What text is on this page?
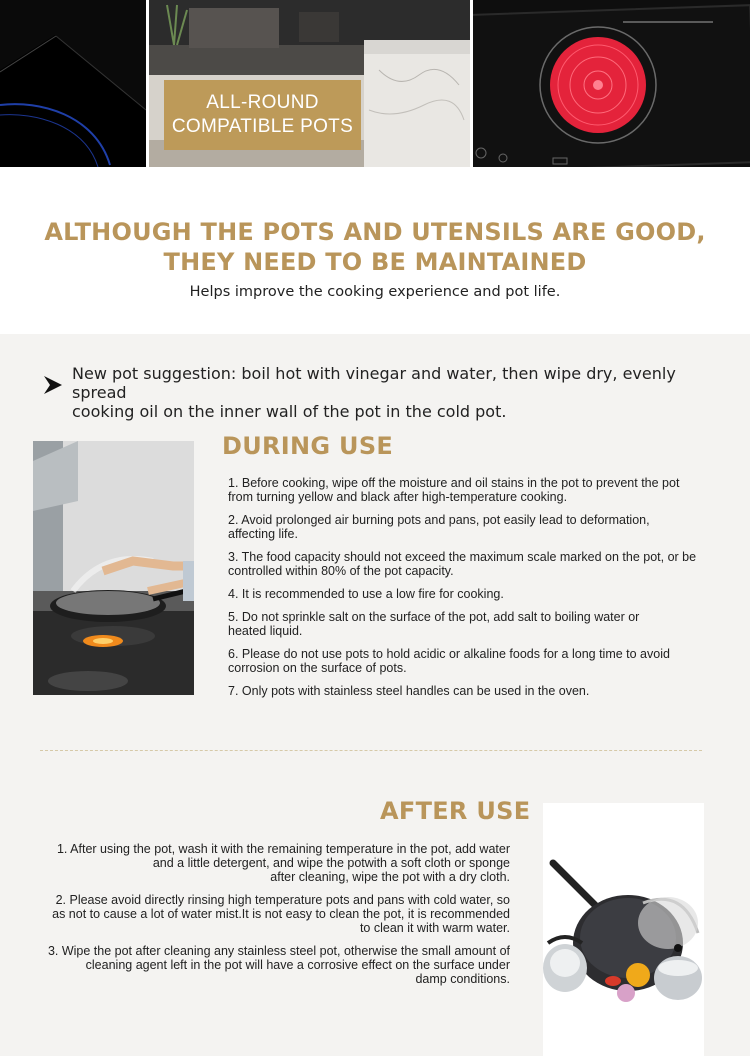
ALL-ROUND
COMPATIBLE POTS
ALTHOUGH THE POTS AND UTENSILS ARE GOOD,
THEY NEED TO BE MAINTAINED
Helps improve the cooking experience and pot life.
New pot suggestion: boil hot with vinegar and water, then wipe dry, evenly spread
cooking oil on the inner wall of the pot in the cold pot.
DURING USE

1. Before cooking, wipe off the moisture and oil stains in the pot to prevent the pot
from turning yellow and black after high-temperature cooking.

2. Avoid prolonged air burning pots and pans, pot easily lead to deformation,
affecting life.

3. The food capacity should not exceed the maximum scale marked on the pot, or be
controlled within 80% of the pot capacity.

4. It is recommended to use a low fire for cooking.

5. Do not sprinkle salt on the surface of the pot, add salt to boiling water or
heated liquid.

6. Please do not use pots to hold acidic or alkaline foods for a long time to avoid
corrosion on the surface of pots.

7. Only pots with stainless steel handles can be used in the oven.

AFTER USE

1. After using the pot, wash it with the remaining temperature in the pot, add water
and a little detergent, and wipe the potwith a soft cloth or sponge
after cleaning, wipe the pot with a dry cloth.

2. Please avoid directly rinsing high temperature pots and pans with cold water, so
as not to cause a lot of water mist.It is not easy to clean the pot, it is recommended
to clean it with warm water.

3. Wipe the pot after cleaning any stainless steel pot, otherwise the small amount of
cleaning agent left in the pot will have a corrosive effect on the surface under
damp conditions.
